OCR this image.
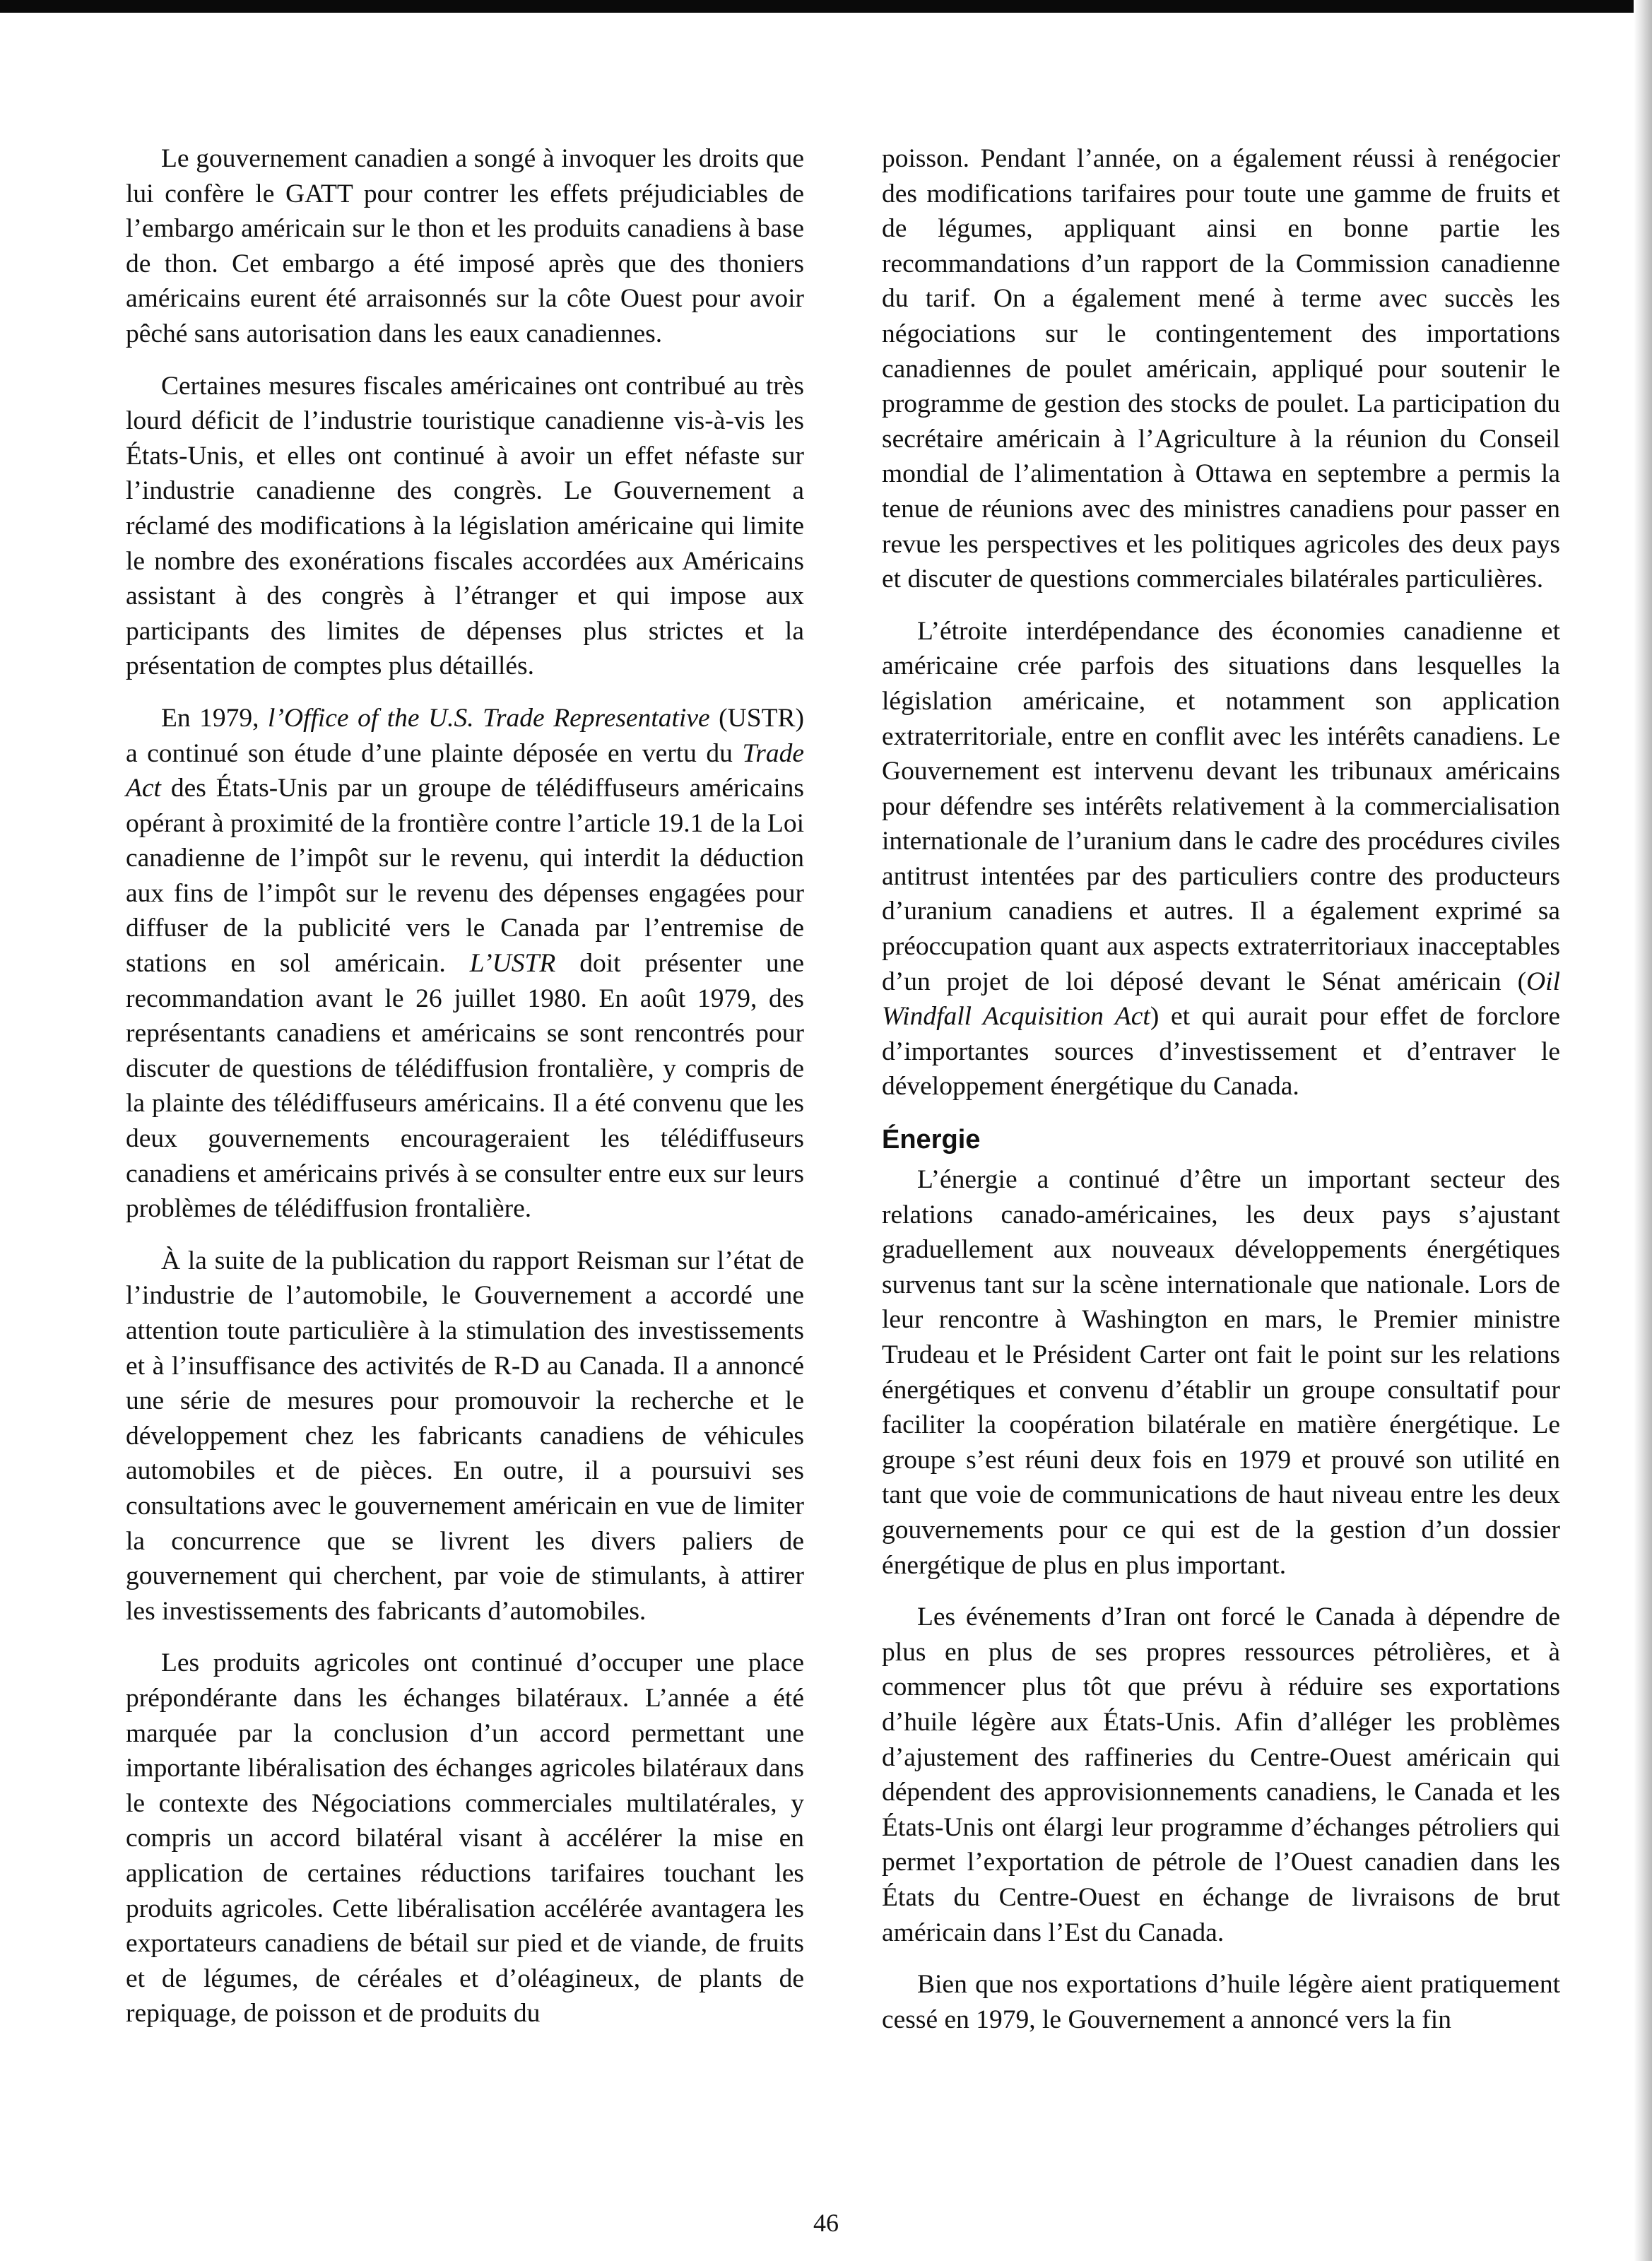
Le gouvernement canadien a songé à invoquer les droits que lui confère le GATT pour contrer les effets préjudiciables de l’embargo américain sur le thon et les produits canadiens à base de thon. Cet embargo a été imposé après que des thoniers américains eurent été arraisonnés sur la côte Ouest pour avoir pêché sans autorisation dans les eaux canadiennes.

Certaines mesures fiscales américaines ont contribué au très lourd déficit de l’industrie touristique canadienne vis-à-vis les États-Unis, et elles ont continué à avoir un effet néfaste sur l’industrie canadienne des congrès. Le Gouvernement a réclamé des modifications à la législation américaine qui limite le nombre des exonérations fiscales accordées aux Américains assistant à des congrès à l’étranger et qui impose aux participants des limites de dépenses plus strictes et la présentation de comptes plus détaillés.

En 1979, l’Office of the U.S. Trade Representative (USTR) a continué son étude d’une plainte déposée en vertu du Trade Act des États-Unis par un groupe de télédiffuseurs américains opérant à proximité de la frontière contre l’article 19.1 de la Loi canadienne de l’impôt sur le revenu, qui interdit la déduction aux fins de l’impôt sur le revenu des dépenses engagées pour diffuser de la publicité vers le Canada par l’entremise de stations en sol américain. L’USTR doit présenter une recommandation avant le 26 juillet 1980. En août 1979, des représentants canadiens et américains se sont rencontrés pour discuter de questions de télédiffusion frontalière, y compris de la plainte des télédiffuseurs américains. Il a été convenu que les deux gouvernements encourageraient les télédiffuseurs canadiens et américains privés à se consulter entre eux sur leurs problèmes de télédiffusion frontalière.

À la suite de la publication du rapport Reisman sur l’état de l’industrie de l’automobile, le Gouvernement a accordé une attention toute particulière à la stimulation des investissements et à l’insuffisance des activités de R-D au Canada. Il a annoncé une série de mesures pour promouvoir la recherche et le développement chez les fabricants canadiens de véhicules automobiles et de pièces. En outre, il a poursuivi ses consultations avec le gouvernement américain en vue de limiter la concurrence que se livrent les divers paliers de gouvernement qui cherchent, par voie de stimulants, à attirer les investissements des fabricants d’automobiles.

Les produits agricoles ont continué d’occuper une place prépondérante dans les échanges bilatéraux. L’année a été marquée par la conclusion d’un accord permettant une importante libéralisation des échanges agricoles bilatéraux dans le contexte des Négociations commerciales multilatérales, y compris un accord bilatéral visant à accélérer la mise en application de certaines réductions tarifaires touchant les produits agricoles. Cette libéralisation accélérée avantagera les exportateurs canadiens de bétail sur pied et de viande, de fruits et de légumes, de céréales et d’oléagineux, de plants de repiquage, de poisson et de produits du

poisson. Pendant l’année, on a également réussi à renégocier des modifications tarifaires pour toute une gamme de fruits et de légumes, appliquant ainsi en bonne partie les recommandations d’un rapport de la Commission canadienne du tarif. On a également mené à terme avec succès les négociations sur le contingentement des importations canadiennes de poulet américain, appliqué pour soutenir le programme de gestion des stocks de poulet. La participation du secrétaire américain à l’Agriculture à la réunion du Conseil mondial de l’alimentation à Ottawa en septembre a permis la tenue de réunions avec des ministres canadiens pour passer en revue les perspectives et les politiques agricoles des deux pays et discuter de questions commerciales bilatérales particulières.

L’étroite interdépendance des économies canadienne et américaine crée parfois des situations dans lesquelles la législation américaine, et notamment son application extraterritoriale, entre en conflit avec les intérêts canadiens. Le Gouvernement est intervenu devant les tribunaux américains pour défendre ses intérêts relativement à la commercialisation internationale de l’uranium dans le cadre des procédures civiles antitrust intentées par des particuliers contre des producteurs d’uranium canadiens et autres. Il a également exprimé sa préoccupation quant aux aspects extraterritoriaux inacceptables d’un projet de loi déposé devant le Sénat américain (Oil Windfall Acquisition Act) et qui aurait pour effet de forclore d’importantes sources d’investissement et d’entraver le développement énergétique du Canada.

Énergie

L’énergie a continué d’être un important secteur des relations canado-américaines, les deux pays s’ajustant graduellement aux nouveaux développements énergétiques survenus tant sur la scène internationale que nationale. Lors de leur rencontre à Washington en mars, le Premier ministre Trudeau et le Président Carter ont fait le point sur les relations énergétiques et convenu d’établir un groupe consultatif pour faciliter la coopération bilatérale en matière énergétique. Le groupe s’est réuni deux fois en 1979 et prouvé son utilité en tant que voie de communications de haut niveau entre les deux gouvernements pour ce qui est de la gestion d’un dossier énergétique de plus en plus important.

Les événements d’Iran ont forcé le Canada à dépendre de plus en plus de ses propres ressources pétrolières, et à commencer plus tôt que prévu à réduire ses exportations d’huile légère aux États-Unis. Afin d’alléger les problèmes d’ajustement des raffineries du Centre-Ouest américain qui dépendent des approvisionnements canadiens, le Canada et les États-Unis ont élargi leur programme d’échanges pétroliers qui permet l’exportation de pétrole de l’Ouest canadien dans les États du Centre-Ouest en échange de livraisons de brut américain dans l’Est du Canada.

Bien que nos exportations d’huile légère aient pratiquement cessé en 1979, le Gouvernement a annoncé vers la fin

46
